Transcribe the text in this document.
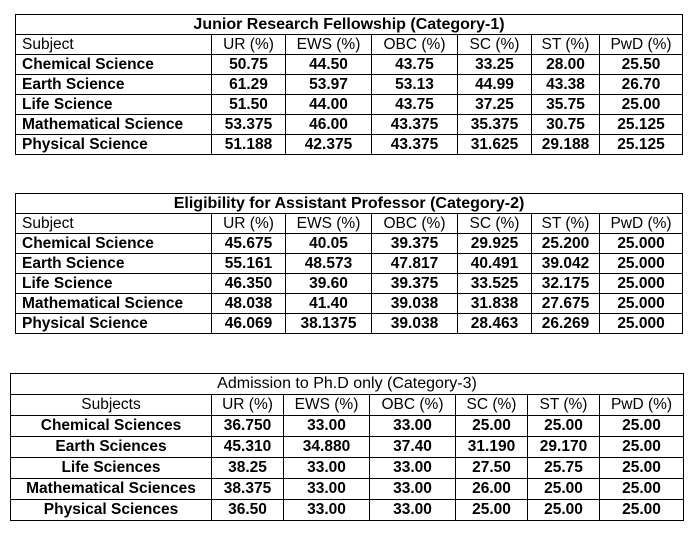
Junior Research Fellowship (Category-1)						
Subject	UR (%)	EWS (%)	OBC (%)	SC (%)	ST (%)	PwD (%)
Chemical Science	50.75	44.50	43.75	33.25	28.00	25.50
Earth Science	61.29	53.97	53.13	44.99	43.38	26.70
Life Science	51.50	44.00	43.75	37.25	35.75	25.00
Mathematical Science	53.375	46.00	43.375	35.375	30.75	25.125
Physical Science	51.188	42.375	43.375	31.625	29.188	25.125
Eligibility for Assistant Professor (Category-2)						
Subject	UR (%)	EWS (%)	OBC (%)	SC (%)	ST (%)	PwD (%)
Chemical Science	45.675	40.05	39.375	29.925	25.200	25.000
Earth Science	55.161	48.573	47.817	40.491	39.042	25.000
Life Science	46.350	39.60	39.375	33.525	32.175	25.000
Mathematical Science	48.038	41.40	39.038	31.838	27.675	25.000
Physical Science	46.069	38.1375	39.038	28.463	26.269	25.000
Admission to Ph.D only (Category-3)						
Subjects	UR (%)	EWS (%)	OBC (%)	SC (%)	ST (%)	PwD (%)
Chemical Sciences	36.750	33.00	33.00	25.00	25.00	25.00
Earth Sciences	45.310	34.880	37.40	31.190	29.170	25.00
Life Sciences	38.25	33.00	33.00	27.50	25.75	25.00
Mathematical Sciences	38.375	33.00	33.00	26.00	25.00	25.00
Physical Sciences	36.50	33.00	33.00	25.00	25.00	25.00
